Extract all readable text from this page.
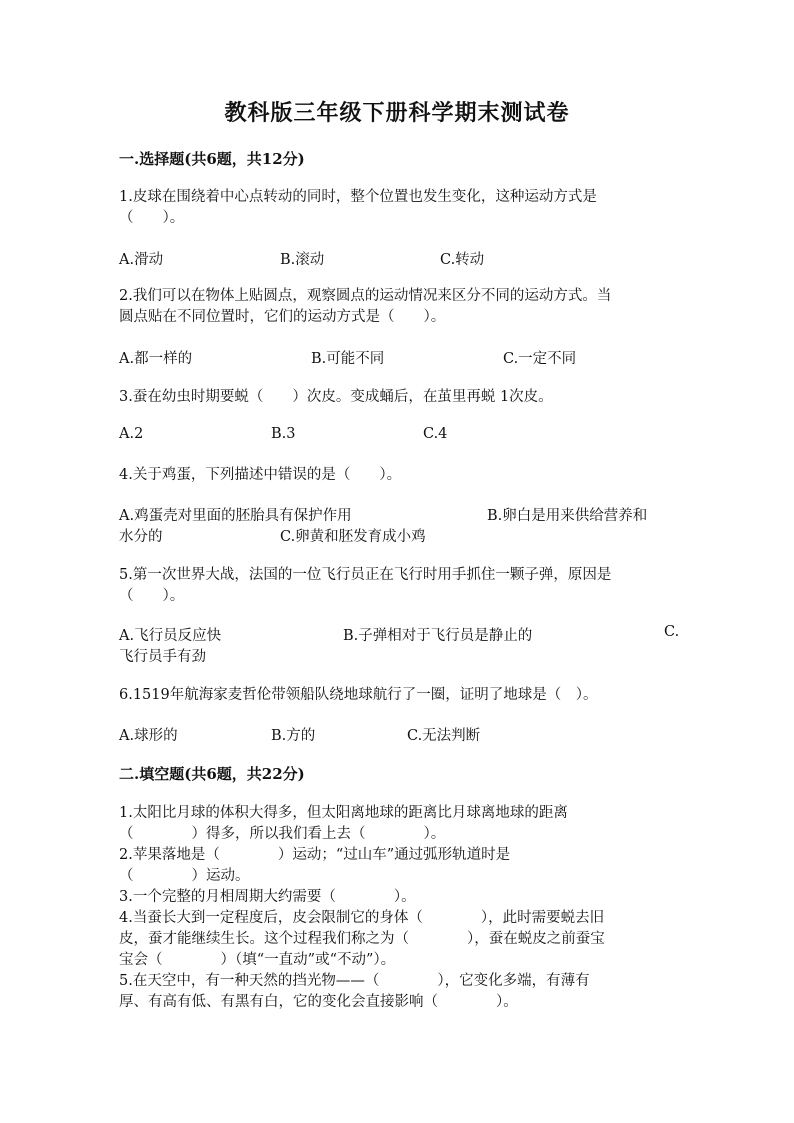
教科版三年级下册科学期末测试卷
一.选择题(共6题，共12分)
1.皮球在围绕着中心点转动的同时，整个位置也发生变化，这种运动方式是
（　　）。
A.滑动	B.滚动	C.转动
2.我们可以在物体上贴圆点，观察圆点的运动情况来区分不同的运动方式。当
圆点贴在不同位置时，它们的运动方式是（　　）。
A.都一样的	B.可能不同	C.一定不同
3.蚕在幼虫时期要蜕（　　）次皮。变成蛹后，在茧里再蜕 1次皮。
A.2	B.3	C.4
4.关于鸡蛋，下列描述中错误的是（　　）。
A.鸡蛋壳对里面的胚胎具有保护作用	B.卵白是用来供给营养和
水分的	C.卵黄和胚发育成小鸡
5.第一次世界大战，法国的一位飞行员正在飞行时用手抓住一颗子弹，原因是
（　　）。
A.飞行员反应快	B.子弹相对于飞行员是静止的	C.
飞行员手有劲
6.1519年航海家麦哲伦带领船队绕地球航行了一圈，证明了地球是（　）。
A.球形的	B.方的	C.无法判断
二.填空题(共6题，共22分)
1.太阳比月球的体积大得多，但太阳离地球的距离比月球离地球的距离
（　　　　）得多，所以我们看上去（　　　　）。
2.苹果落地是（　　　　）运动；“过山车”通过弧形轨道时是
（　　　　）运动。
3.一个完整的月相周期大约需要（　　　　）。
4.当蚕长大到一定程度后，皮会限制它的身体（　　　　），此时需要蜕去旧
皮，蚕才能继续生长。这个过程我们称之为（　　　　），蚕在蜕皮之前蚕宝
宝会（　　　　）（填“一直动”或“不动”）。
5.在天空中，有一种天然的挡光物——（　　　　），它变化多端，有薄有
厚、有高有低、有黑有白，它的变化会直接影响（　　　　）。
